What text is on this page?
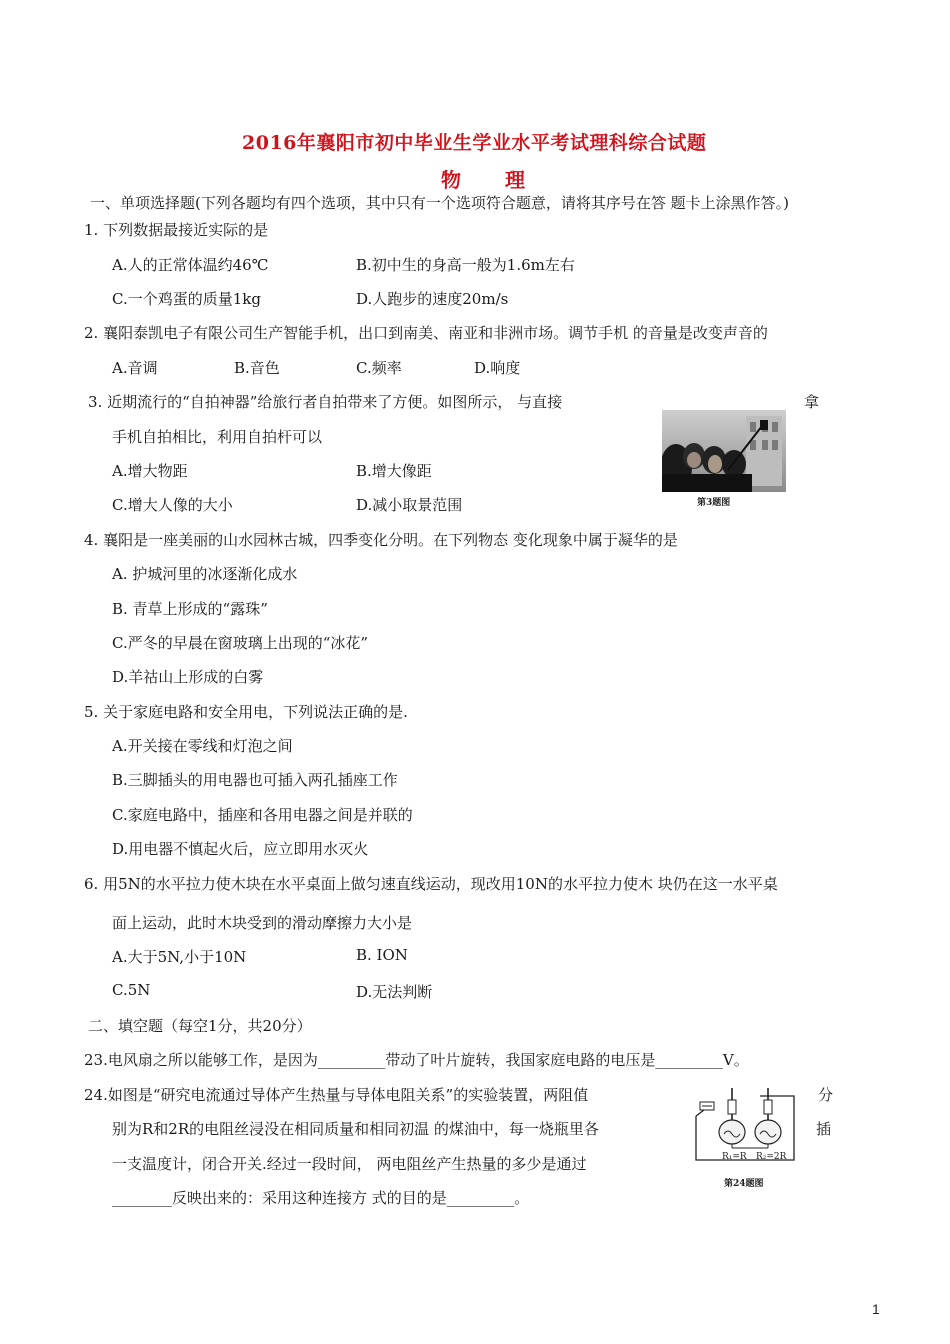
2016年襄阳市初中毕业生学业水平考试理科综合试题
物　理
一、单项选择题(下列各题均有四个选项，其中只有一个选项符合题意，请将其序号在答 题卡上涂黑作答。)
1. 下列数据最接近实际的是
A.人的正常体温约46℃	B.初中生的身高一般为1.6m左右
C.一个鸡蛋的质量1kg	D.人跑步的速度20m/s
2. 襄阳泰凯电子有限公司生产智能手机，出口到南美、南亚和非洲市场。调节手机 的音量是改变声音的
A.音调	B.音色	C.频率	D.响度
3. 近期流行的“自拍神器”给旅行者自拍带来了方便。如图所示， 与直接	拿
手机自拍相比，利用自拍杆可以
A.增大物距	B.增大像距
C.增大人像的大小	D.减小取景范围	第3题图
4. 襄阳是一座美丽的山水园林古城，四季变化分明。在下列物态 变化现象中属于凝华的是
A. 护城河里的冰逐渐化成水
B. 青草上形成的“露珠”
C.严冬的早晨在窗玻璃上出现的“冰花”
D.羊祜山上形成的白雾
5. 关于家庭电路和安全用电，下列说法正确的是.
A.开关接在零线和灯泡之间
B.三脚插头的用电器也可插入两孔插座工作
C.家庭电路中，插座和各用电器之间是并联的
D.用电器不慎起火后，应立即用水灭火
6. 用5N的水平拉力使木块在水平桌面上做匀速直线运动，现改用10N的水平拉力使木 块仍在这一水平桌
面上运动，此时木块受到的滑动摩擦力大小是
A.大于5N,小于10N	B. ION
C.5N	D.无法判断
二、填空题（每空1分，共20分）
23.电风扇之所以能够工作，是因为_________带动了叶片旋转，我国家庭电路的电压是_________V。
24.如图是“研究电流通过导体产生热量与导体电阻关系”的实验装置，两阻值	分
别为R和2R的电阻丝浸没在相同质量和相同初温 的煤油中，每一烧瓶里各	插
一支温度计，闭合开关.经过一段时间， 两电阻丝产生热量的多少是通过
________反映出来的：采用这种连接方 式的目的是_________。
R₁=R R₂=2R
第24题图
1
